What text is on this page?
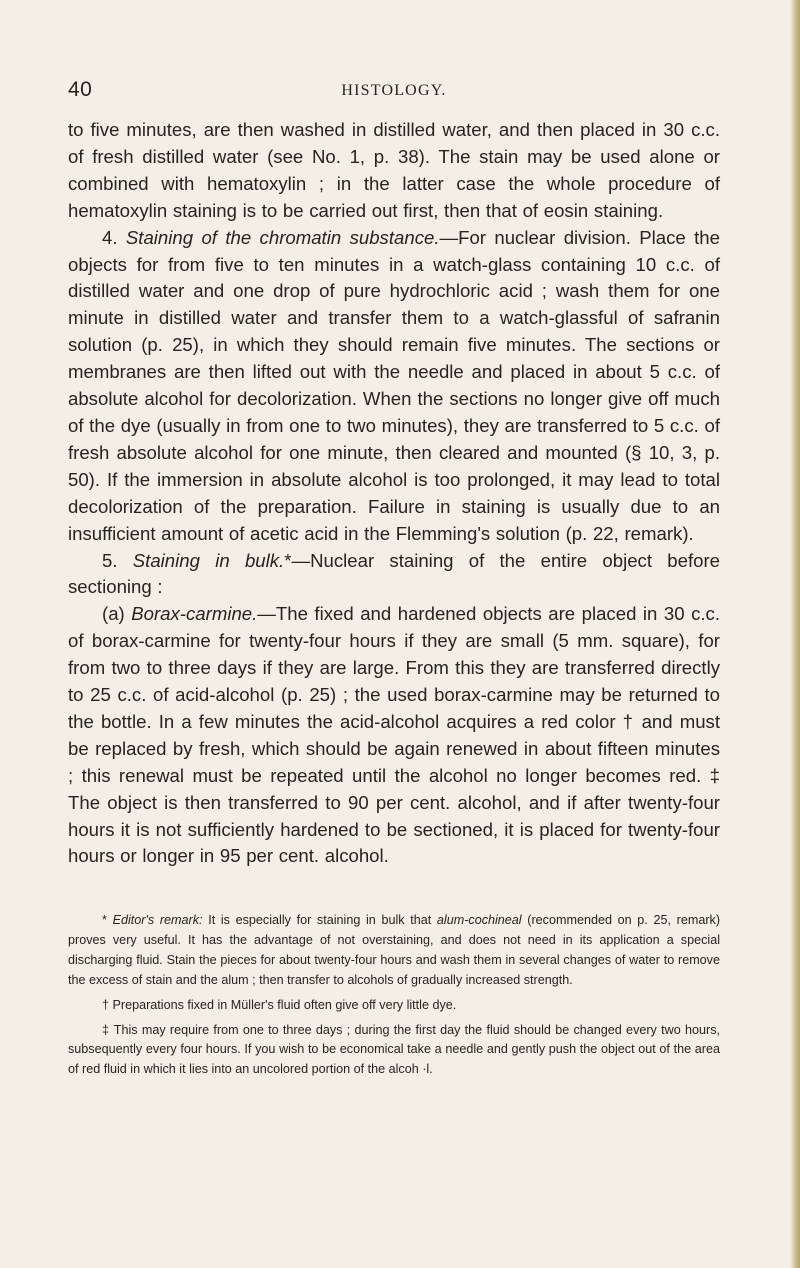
40	HISTOLOGY.

to five minutes, are then washed in distilled water, and then placed in 30 c.c. of fresh distilled water (see No. 1, p. 38). The stain may be used alone or combined with hematoxylin ; in the latter case the whole procedure of hematoxylin staining is to be carried out first, then that of eosin staining.

4. Staining of the chromatin substance.—For nuclear division. Place the objects for from five to ten minutes in a watch-glass containing 10 c.c. of distilled water and one drop of pure hydrochloric acid ; wash them for one minute in distilled water and transfer them to a watch-glassful of safranin solution (p. 25), in which they should remain five minutes. The sections or membranes are then lifted out with the needle and placed in about 5 c.c. of absolute alcohol for decolorization. When the sections no longer give off much of the dye (usually in from one to two minutes), they are transferred to 5 c.c. of fresh absolute alcohol for one minute, then cleared and mounted (§ 10, 3, p. 50). If the immersion in absolute alcohol is too prolonged, it may lead to total decolorization of the preparation. Failure in staining is usually due to an insufficient amount of acetic acid in the Flemming's solution (p. 22, remark).

5. Staining in bulk.*—Nuclear staining of the entire object before sectioning :

(a) Borax-carmine.—The fixed and hardened objects are placed in 30 c.c. of borax-carmine for twenty-four hours if they are small (5 mm. square), for from two to three days if they are large. From this they are transferred directly to 25 c.c. of acid-alcohol (p. 25) ; the used borax-carmine may be returned to the bottle. In a few minutes the acid-alcohol acquires a red color † and must be replaced by fresh, which should be again renewed in about fifteen minutes ; this renewal must be repeated until the alcohol no longer becomes red. ‡ The object is then transferred to 90 per cent. alcohol, and if after twenty-four hours it is not sufficiently hardened to be sectioned, it is placed for twenty-four hours or longer in 95 per cent. alcohol.

* Editor's remark: It is especially for staining in bulk that alum-cochineal (recommended on p. 25, remark) proves very useful. It has the advantage of not overstaining, and does not need in its application a special discharging fluid. Stain the pieces for about twenty-four hours and wash them in several changes of water to remove the excess of stain and the alum ; then transfer to alcohols of gradually increased strength.

† Preparations fixed in Müller's fluid often give off very little dye.

‡ This may require from one to three days ; during the first day the fluid should be changed every two hours, subsequently every four hours. If you wish to be economical take a needle and gently push the object out of the area of red fluid in which it lies into an uncolored portion of the alcoh ·l.
